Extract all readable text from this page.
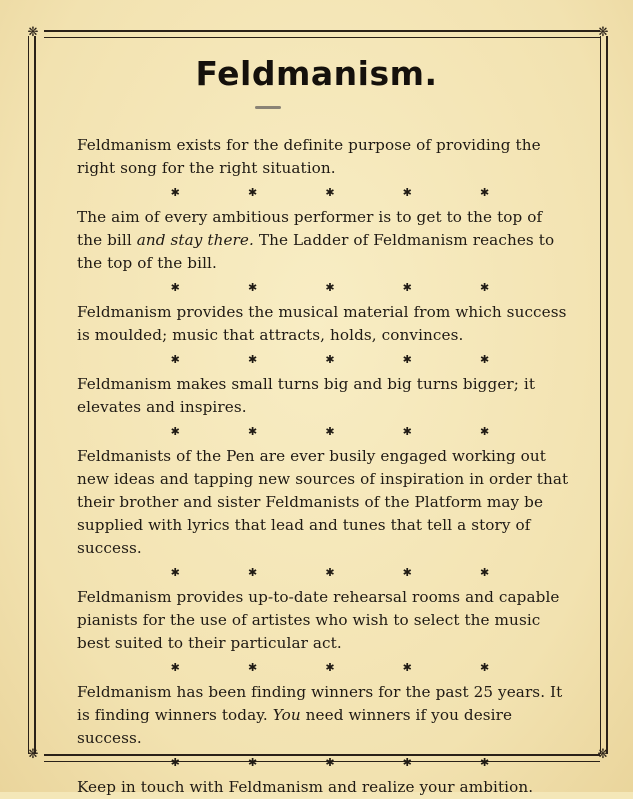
❋	❋
❋	❋
Feldmanism.

Feldmanism exists for the definite purpose of providing the right song for the right situation.

✱	✱	✱	✱	✱

The aim of every ambitious performer is to get to the top of the bill and stay there. The Ladder of Feldmanism reaches to the top of the bill.

✱	✱	✱	✱	✱

Feldmanism provides the musical material from which success is moulded; music that attracts, holds, convinces.

✱	✱	✱	✱	✱

Feldmanism makes small turns big and big turns bigger; it elevates and inspires.

✱	✱	✱	✱	✱

Feldmanists of the Pen are ever busily engaged working out new ideas and tapping new sources of inspiration in order that their brother and sister Feldmanists of the Platform may be supplied with lyrics that lead and tunes that tell a story of success.

✱	✱	✱	✱	✱

Feldmanism provides up-to-date rehearsal rooms and capable pianists for the use of artistes who wish to select the music best suited to their particular act.

✱	✱	✱	✱	✱

Feldmanism has been finding winners for the past 25 years. It is finding winners today. You need winners if you desire success.

✱	✱	✱	✱	✱

Keep in touch with Feldmanism and realize your ambition.
